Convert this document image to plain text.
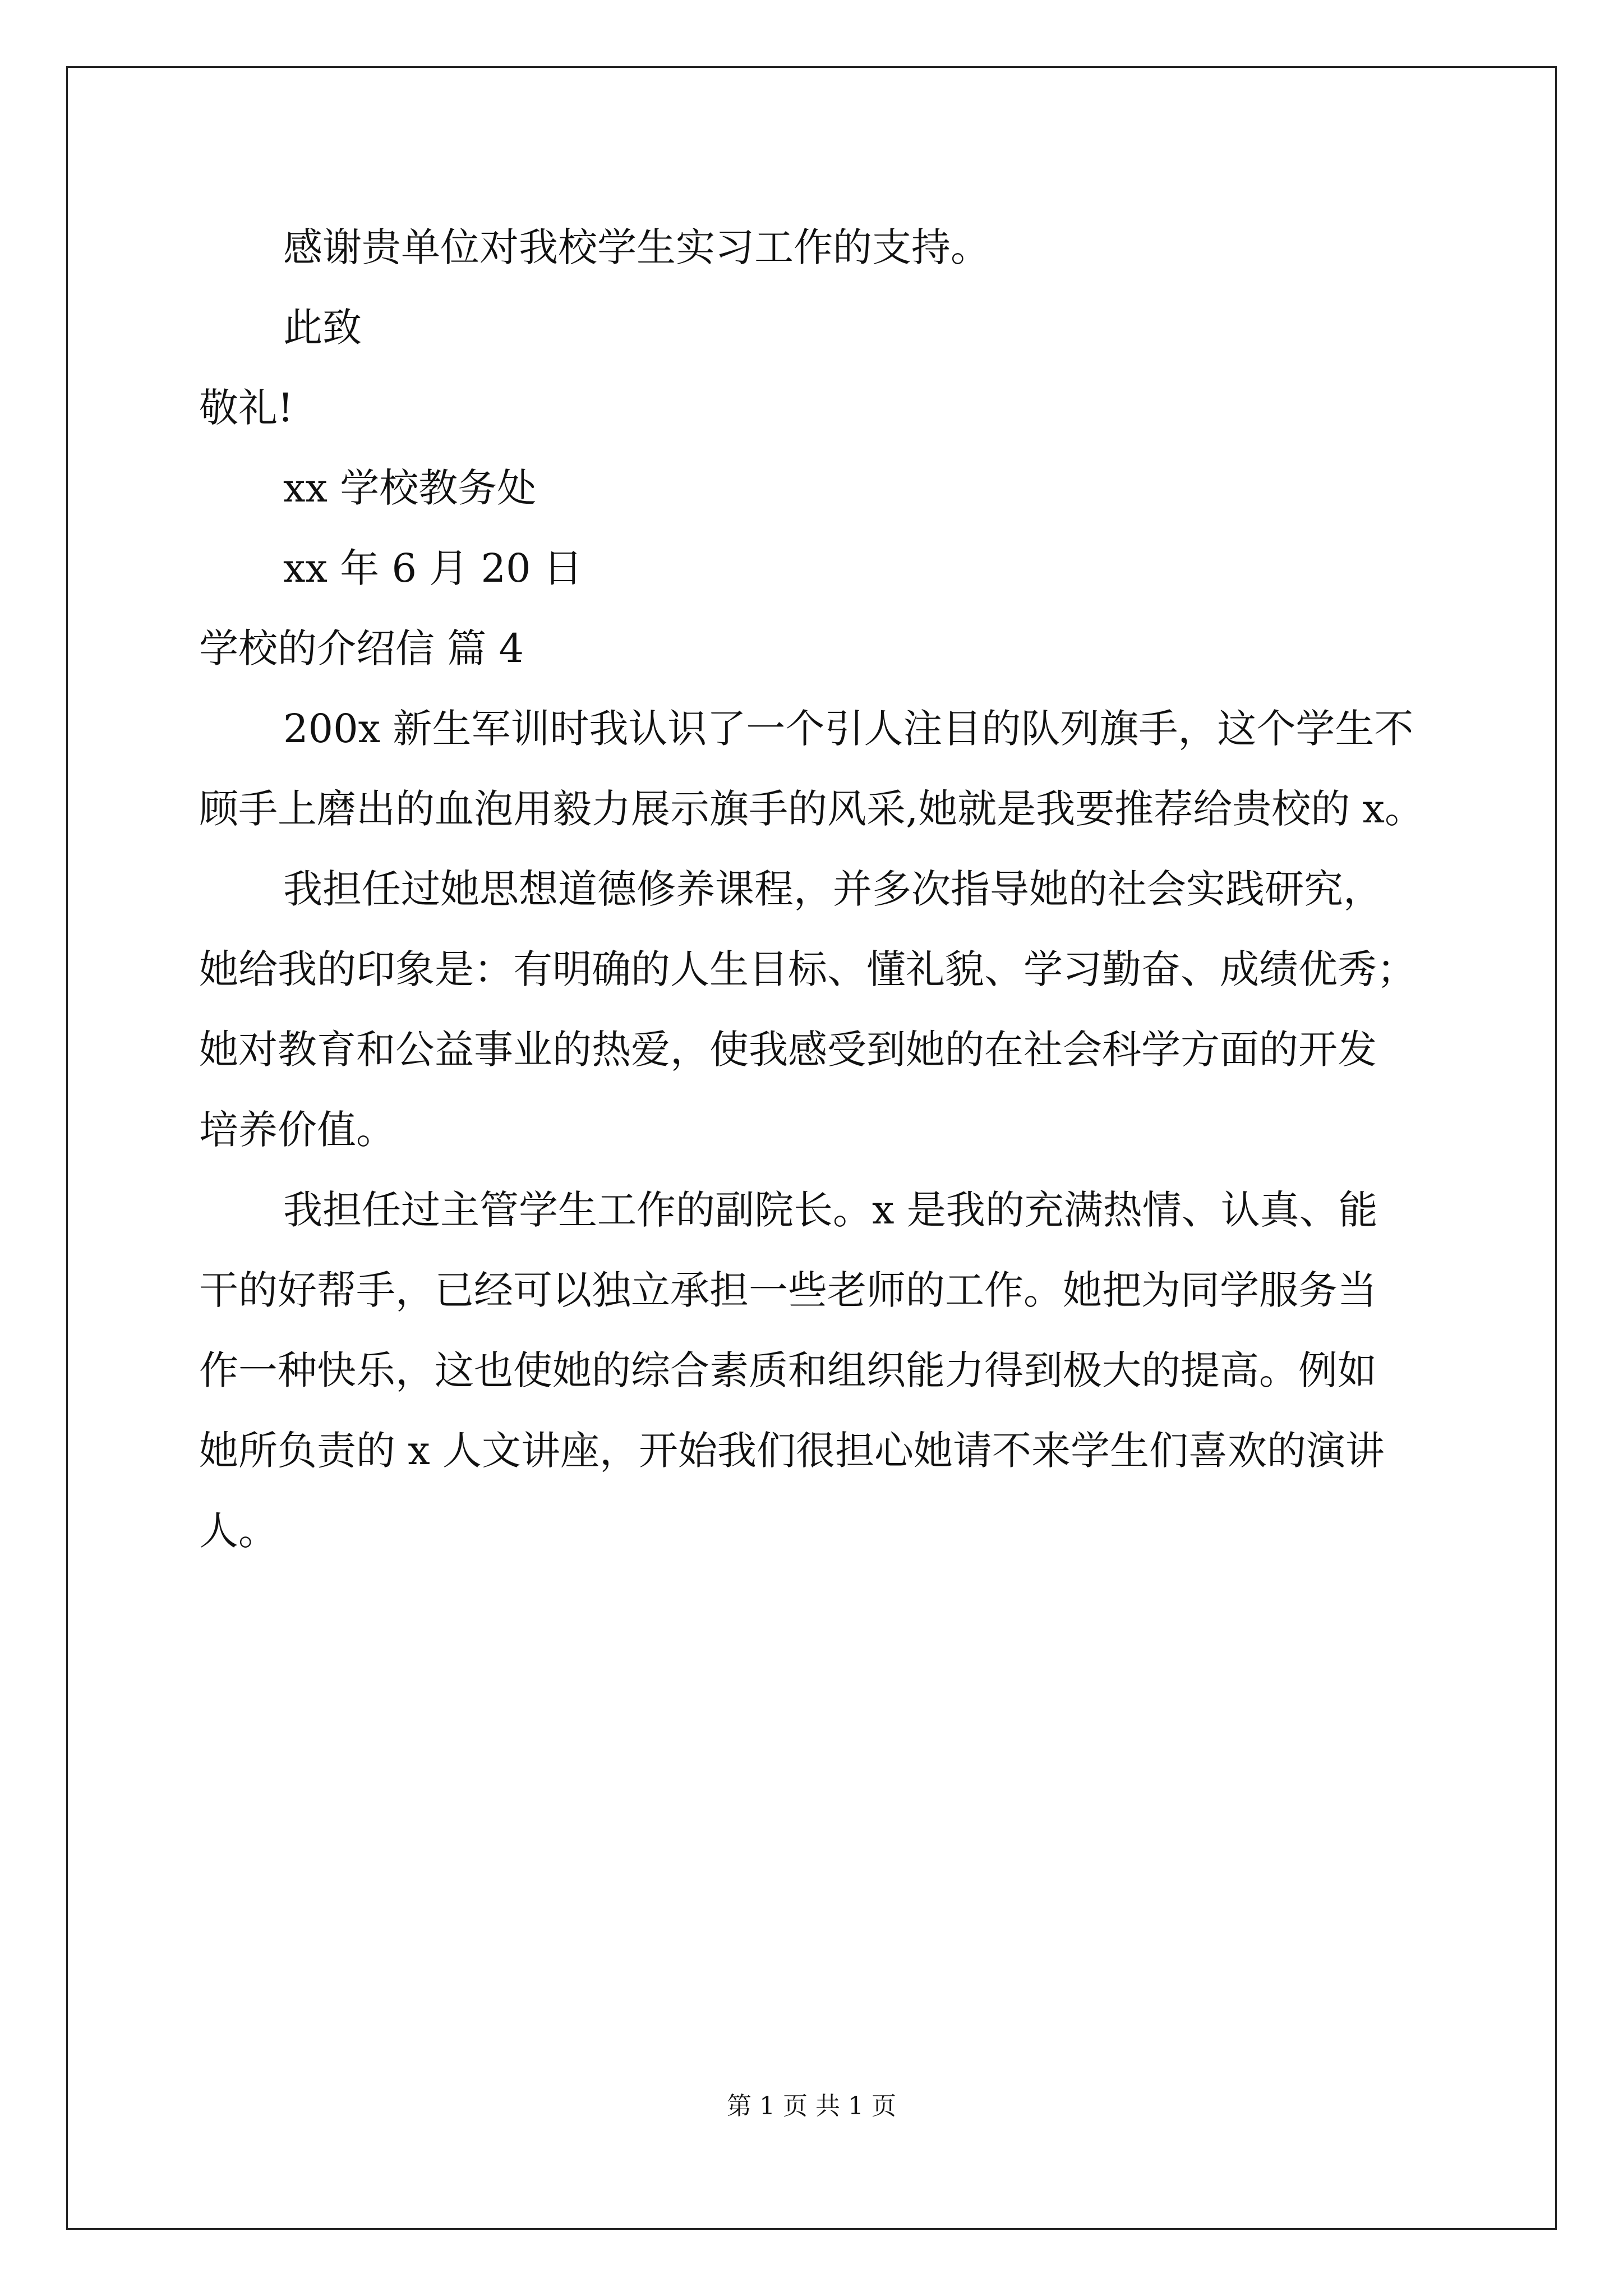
感谢贵单位对我校学生实习工作的支持。

此致

敬礼!

xx 学校教务处

xx 年 6 月 20 日

学校的介绍信 篇 4

200x 新生军训时我认识了一个引人注目的队列旗手，这个学生不

顾手上磨出的血泡用毅力展示旗手的风采,她就是我要推荐给贵校的 x。

我担任过她思想道德修养课程，并多次指导她的社会实践研究，

她给我的印象是：有明确的人生目标、懂礼貌、学习勤奋、成绩优秀；

她对教育和公益事业的热爱，使我感受到她的在社会科学方面的开发

培养价值。

我担任过主管学生工作的副院长。x 是我的充满热情、认真、能

干的好帮手，已经可以独立承担一些老师的工作。她把为同学服务当

作一种快乐，这也使她的综合素质和组织能力得到极大的提高。例如

她所负责的 x 人文讲座，开始我们很担心她请不来学生们喜欢的演讲

人。

第 1 页 共 1 页
